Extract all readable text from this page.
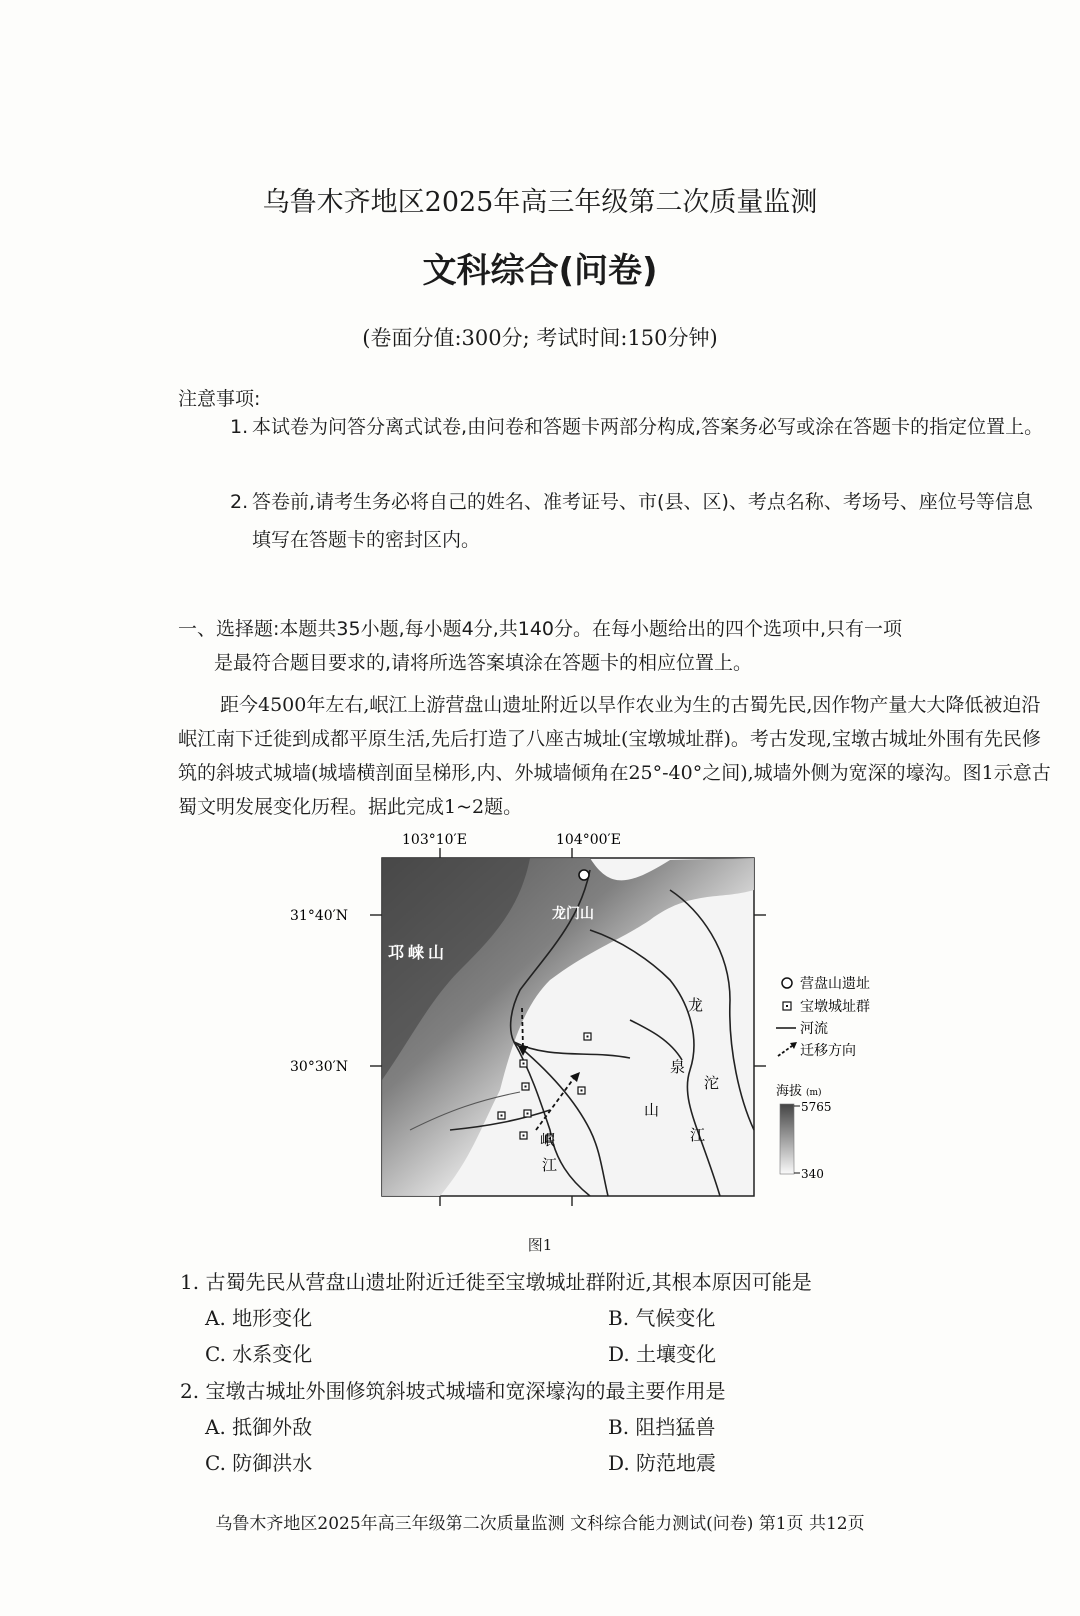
乌鲁木齐地区2025年高三年级第二次质量监测
文科综合(问卷)
(卷面分值:300分; 考试时间:150分钟)
注意事项:
1. 本试卷为问答分离式试卷,由问卷和答题卡两部分构成,答案务必写或涂在答题卡的指定位置上。
2. 答卷前,请考生务必将自己的姓名、准考证号、市(县、区)、考点名称、考场号、座位号等信息填写在答题卡的密封区内。
一、选择题:本题共35小题,每小题4分,共140分。在每小题给出的四个选项中,只有一项
是最符合题目要求的,请将所选答案填涂在答题卡的相应位置上。
距今4500年左右,岷江上游营盘山遗址附近以旱作农业为生的古蜀先民,因作物产量大大降低被迫沿岷江南下迁徙到成都平原生活,先后打造了八座古城址(宝墩城址群)。考古发现,宝墩古城址外围有先民修筑的斜坡式城墙(城墙横剖面呈梯形,内、外城墙倾角在25°-40°之间),城墙外侧为宽深的壕沟。图1示意古蜀文明发展变化历程。据此完成1~2题。
103°10′E	104°00′E
31°40′N
30°30′N
龙门山
邛崃山
龙
泉
山
沱
江
岷
江
营盘山遗址
宝墩城址群
河流
迁移方向
海拔 (m)
5765
340
图1
1. 古蜀先民从营盘山遗址附近迁徙至宝墩城址群附近,其根本原因可能是
A. 地形变化	B. 气候变化
C. 水系变化	D. 土壤变化
2. 宝墩古城址外围修筑斜坡式城墙和宽深壕沟的最主要作用是
A. 抵御外敌	B. 阻挡猛兽
C. 防御洪水	D. 防范地震
乌鲁木齐地区2025年高三年级第二次质量监测 文科综合能力测试(问卷) 第1页 共12页
